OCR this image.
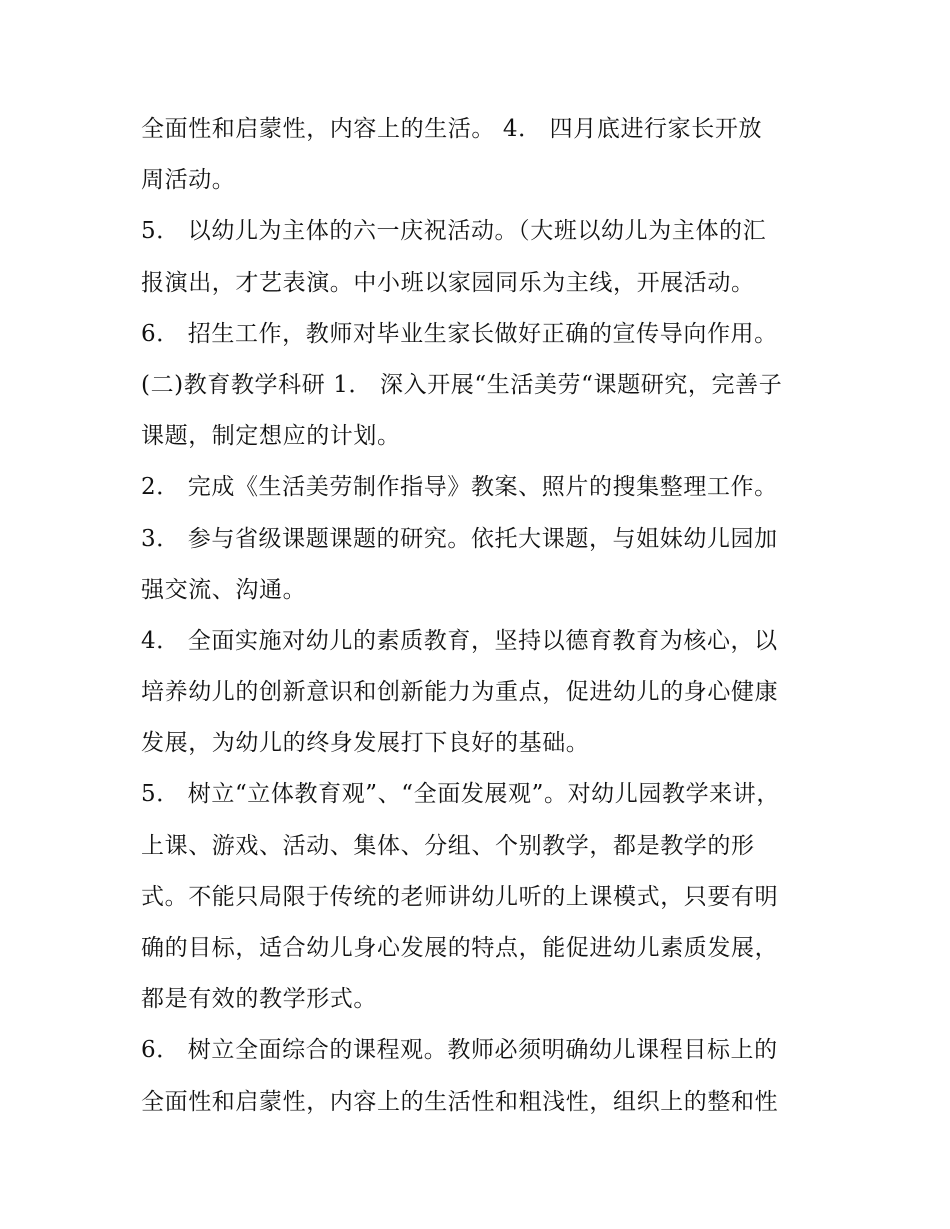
全面性和启蒙性，内容上的生活。 4． 四月底进行家长开放
周活动。
5． 以幼儿为主体的六一庆祝活动。（大班以幼儿为主体的汇
报演出，才艺表演。中小班以家园同乐为主线，开展活动。
6． 招生工作，教师对毕业生家长做好正确的宣传导向作用。
(二)教育教学科研 1． 深入开展“生活美劳“课题研究，完善子
课题，制定想应的计划。
2． 完成《生活美劳制作指导》教案、照片的搜集整理工作。
3． 参与省级课题课题的研究。依托大课题，与姐妹幼儿园加
强交流、沟通。
4． 全面实施对幼儿的素质教育，坚持以德育教育为核心，以
培养幼儿的创新意识和创新能力为重点，促进幼儿的身心健康
发展，为幼儿的终身发展打下良好的基础。
5． 树立“立体教育观”、“全面发展观”。对幼儿园教学来讲，
上课、游戏、活动、集体、分组、个别教学，都是教学的形
式。不能只局限于传统的老师讲幼儿听的上课模式，只要有明
确的目标，适合幼儿身心发展的特点，能促进幼儿素质发展，
都是有效的教学形式。
6． 树立全面综合的课程观。教师必须明确幼儿课程目标上的
全面性和启蒙性，内容上的生活性和粗浅性，组织上的整和性
